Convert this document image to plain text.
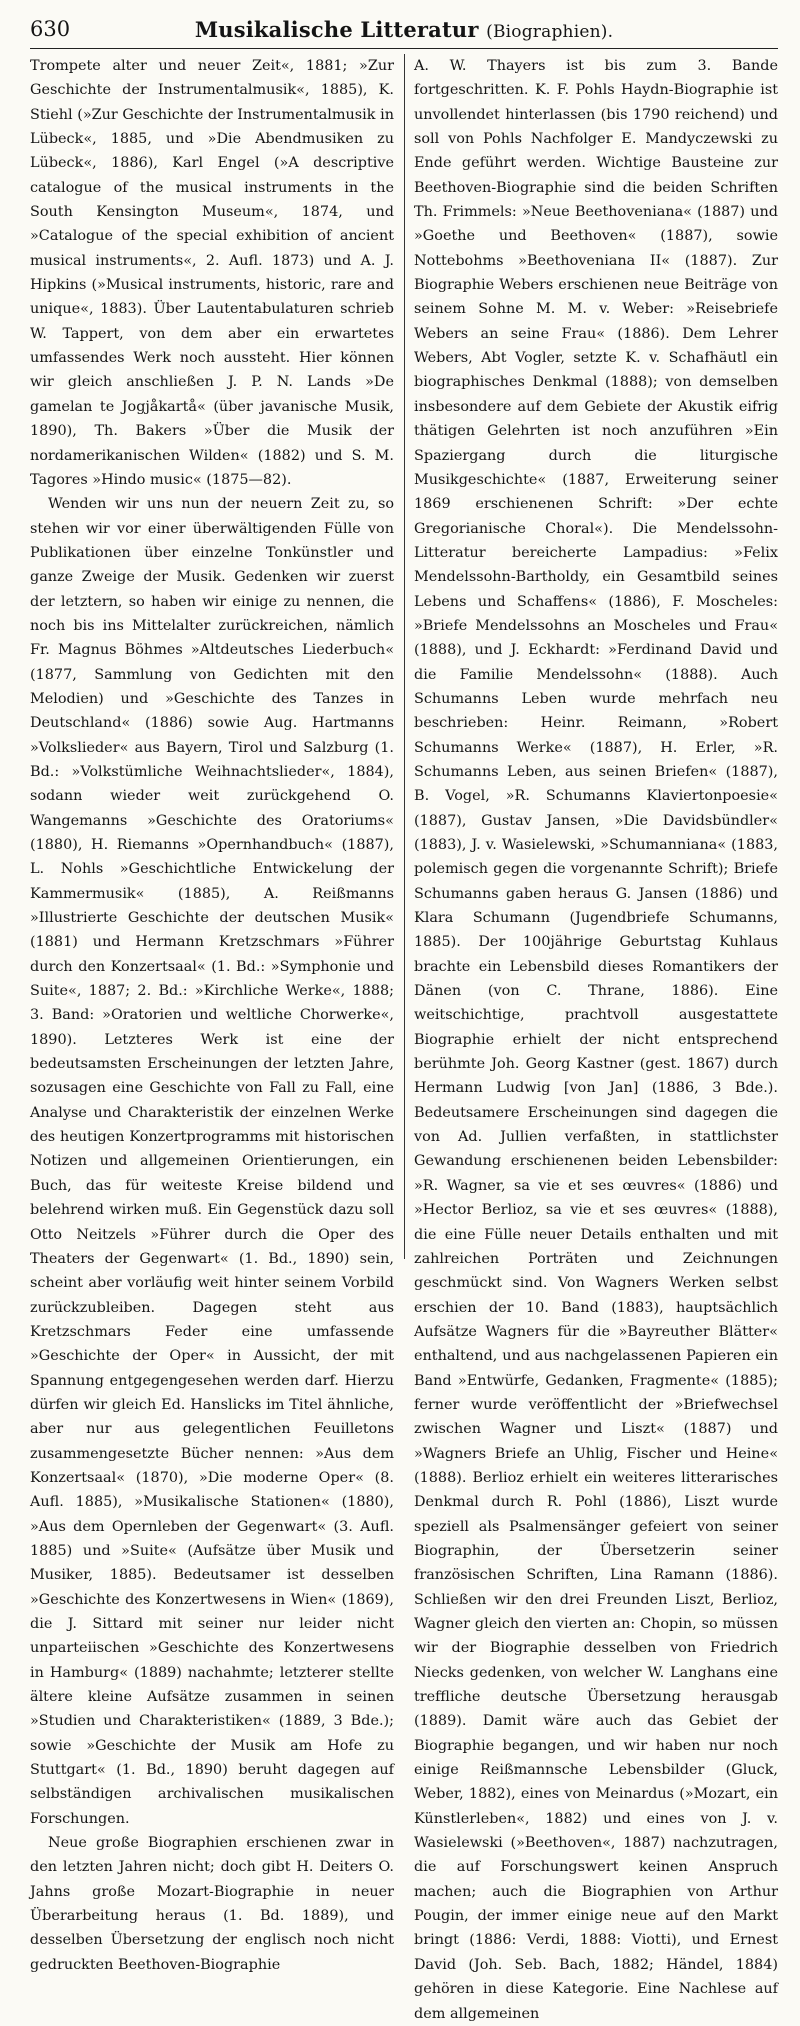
630	Musikalische Litteratur (Biographien).

Trompete alter und neuer Zeit«, 1881; »Zur Geschichte der Instrumentalmusik«, 1885), K. Stiehl (»Zur Geschichte der Instrumentalmusik in Lübeck«, 1885, und »Die Abendmusiken zu Lübeck«, 1886), Karl Engel (»A descriptive catalogue of the musical instruments in the South Kensington Museum«, 1874, und »Catalogue of the special exhibition of ancient musical instruments«, 2. Aufl. 1873) und A. J. Hipkins (»Musical instruments, historic, rare and unique«, 1883). Über Lautentabulaturen schrieb W. Tappert, von dem aber ein erwartetes umfassendes Werk noch aussteht. Hier können wir gleich anschließen J. P. N. Lands »De gamelan te Jogjåkartå« (über javanische Musik, 1890), Th. Bakers »Über die Musik der nordamerikanischen Wilden« (1882) und S. M. Tagores »Hindo music« (1875—82).

Wenden wir uns nun der neuern Zeit zu, so stehen wir vor einer überwältigenden Fülle von Publikationen über einzelne Tonkünstler und ganze Zweige der Musik. Gedenken wir zuerst der letztern, so haben wir einige zu nennen, die noch bis ins Mittelalter zurückreichen, nämlich Fr. Magnus Böhmes »Altdeutsches Liederbuch« (1877, Sammlung von Gedichten mit den Melodien) und »Geschichte des Tanzes in Deutschland« (1886) sowie Aug. Hartmanns »Volkslieder« aus Bayern, Tirol und Salzburg (1. Bd.: »Volkstümliche Weihnachtslieder«, 1884), sodann wieder weit zurückgehend O. Wangemanns »Geschichte des Oratoriums« (1880), H. Riemanns »Opernhandbuch« (1887), L. Nohls »Geschichtliche Entwickelung der Kammermusik« (1885), A. Reißmanns »Illustrierte Geschichte der deutschen Musik« (1881) und Hermann Kretzschmars »Führer durch den Konzertsaal« (1. Bd.: »Symphonie und Suite«, 1887; 2. Bd.: »Kirchliche Werke«, 1888; 3. Band: »Oratorien und weltliche Chorwerke«, 1890). Letzteres Werk ist eine der bedeutsamsten Erscheinungen der letzten Jahre, sozusagen eine Geschichte von Fall zu Fall, eine Analyse und Charakteristik der einzelnen Werke des heutigen Konzertprogramms mit historischen Notizen und allgemeinen Orientierungen, ein Buch, das für weiteste Kreise bildend und belehrend wirken muß. Ein Gegenstück dazu soll Otto Neitzels »Führer durch die Oper des Theaters der Gegenwart« (1. Bd., 1890) sein, scheint aber vorläufig weit hinter seinem Vorbild zurückzubleiben. Dagegen steht aus Kretzschmars Feder eine umfassende »Geschichte der Oper« in Aussicht, der mit Spannung entgegengesehen werden darf. Hierzu dürfen wir gleich Ed. Hanslicks im Titel ähnliche, aber nur aus gelegentlichen Feuilletons zusammengesetzte Bücher nennen: »Aus dem Konzertsaal« (1870), »Die moderne Oper« (8. Aufl. 1885), »Musikalische Stationen« (1880), »Aus dem Opernleben der Gegenwart« (3. Aufl. 1885) und »Suite« (Aufsätze über Musik und Musiker, 1885). Bedeutsamer ist desselben »Geschichte des Konzertwesens in Wien« (1869), die J. Sittard mit seiner nur leider nicht unparteiischen »Geschichte des Konzertwesens in Hamburg« (1889) nachahmte; letzterer stellte ältere kleine Aufsätze zusammen in seinen »Studien und Charakteristiken« (1889, 3 Bde.); sowie »Geschichte der Musik am Hofe zu Stuttgart« (1. Bd., 1890) beruht dagegen auf selbständigen archivalischen musikalischen Forschungen.

Neue große Biographien erschienen zwar in den letzten Jahren nicht; doch gibt H. Deiters O. Jahns große Mozart-Biographie in neuer Überarbeitung heraus (1. Bd. 1889), und desselben Übersetzung der englisch noch nicht gedruckten Beethoven-Biographie

A. W. Thayers ist bis zum 3. Bande fortgeschritten. K. F. Pohls Haydn-Biographie ist unvollendet hinterlassen (bis 1790 reichend) und soll von Pohls Nachfolger E. Mandyczewski zu Ende geführt werden. Wichtige Bausteine zur Beethoven-Biographie sind die beiden Schriften Th. Frimmels: »Neue Beethoveniana« (1887) und »Goethe und Beethoven« (1887), sowie Nottebohms »Beethoveniana II« (1887). Zur Biographie Webers erschienen neue Beiträge von seinem Sohne M. M. v. Weber: »Reisebriefe Webers an seine Frau« (1886). Dem Lehrer Webers, Abt Vogler, setzte K. v. Schafhäutl ein biographisches Denkmal (1888); von demselben insbesondere auf dem Gebiete der Akustik eifrig thätigen Gelehrten ist noch anzuführen »Ein Spaziergang durch die liturgische Musikgeschichte« (1887, Erweiterung seiner 1869 erschienenen Schrift: »Der echte Gregorianische Choral«). Die Mendelssohn-Litteratur bereicherte Lampadius: »Felix Mendelssohn-Bartholdy, ein Gesamtbild seines Lebens und Schaffens« (1886), F. Moscheles: »Briefe Mendelssohns an Moscheles und Frau« (1888), und J. Eckhardt: »Ferdinand David und die Familie Mendelssohn« (1888). Auch Schumanns Leben wurde mehrfach neu beschrieben: Heinr. Reimann, »Robert Schumanns Werke« (1887), H. Erler, »R. Schumanns Leben, aus seinen Briefen« (1887), B. Vogel, »R. Schumanns Klaviertonpoesie« (1887), Gustav Jansen, »Die Davidsbündler« (1883), J. v. Wasielewski, »Schumanniana« (1883, polemisch gegen die vorgenannte Schrift); Briefe Schumanns gaben heraus G. Jansen (1886) und Klara Schumann (Jugendbriefe Schumanns, 1885). Der 100jährige Geburtstag Kuhlaus brachte ein Lebensbild dieses Romantikers der Dänen (von C. Thrane, 1886). Eine weitschichtige, prachtvoll ausgestattete Biographie erhielt der nicht entsprechend berühmte Joh. Georg Kastner (gest. 1867) durch Hermann Ludwig [von Jan] (1886, 3 Bde.). Bedeutsamere Erscheinungen sind dagegen die von Ad. Jullien verfaßten, in stattlichster Gewandung erschienenen beiden Lebensbilder: »R. Wagner, sa vie et ses œuvres« (1886) und »Hector Berlioz, sa vie et ses œuvres« (1888), die eine Fülle neuer Details enthalten und mit zahlreichen Porträten und Zeichnungen geschmückt sind. Von Wagners Werken selbst erschien der 10. Band (1883), hauptsächlich Aufsätze Wagners für die »Bayreuther Blätter« enthaltend, und aus nachgelassenen Papieren ein Band »Entwürfe, Gedanken, Fragmente« (1885); ferner wurde veröffentlicht der »Briefwechsel zwischen Wagner und Liszt« (1887) und »Wagners Briefe an Uhlig, Fischer und Heine« (1888). Berlioz erhielt ein weiteres litterarisches Denkmal durch R. Pohl (1886), Liszt wurde speziell als Psalmensänger gefeiert von seiner Biographin, der Übersetzerin seiner französischen Schriften, Lina Ramann (1886). Schließen wir den drei Freunden Liszt, Berlioz, Wagner gleich den vierten an: Chopin, so müssen wir der Biographie desselben von Friedrich Niecks gedenken, von welcher W. Langhans eine treffliche deutsche Übersetzung herausgab (1889). Damit wäre auch das Gebiet der Biographie begangen, und wir haben nur noch einige Reißmannsche Lebensbilder (Gluck, Weber, 1882), eines von Meinardus (»Mozart, ein Künstlerleben«, 1882) und eines von J. v. Wasielewski (»Beethoven«, 1887) nachzutragen, die auf Forschungswert keinen Anspruch machen; auch die Biographien von Arthur Pougin, der immer einige neue auf den Markt bringt (1886: Verdi, 1888: Viotti), und Ernest David (Joh. Seb. Bach, 1882; Händel, 1884) gehören in diese Kategorie. Eine Nachlese auf dem allgemeinen
